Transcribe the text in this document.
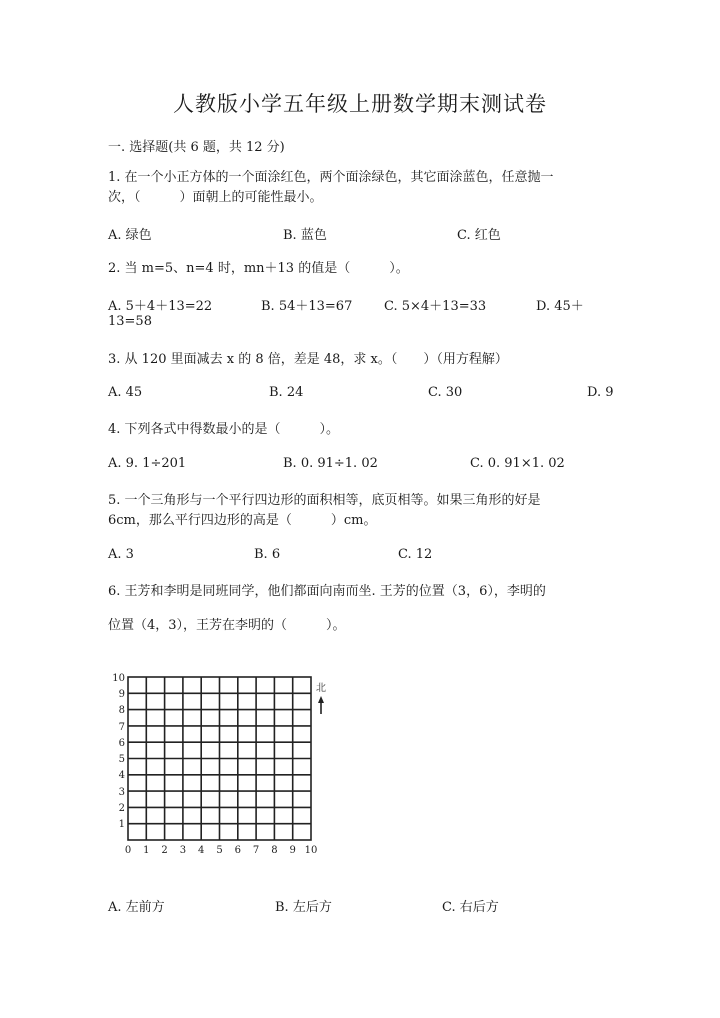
人教版小学五年级上册数学期末测试卷
一. 选择题(共 6 题，共 12 分)
1. 在一个小正方体的一个面涂红色，两个面涂绿色，其它面涂蓝色，任意抛一
次，（　　　）面朝上的可能性最小。
A. 绿色	B. 蓝色	C. 红色
2. 当 m=5、n=4 时，mn＋13 的值是（　　　）。
A. 5＋4＋13=22	B. 54＋13=67 C. 5×4＋13=33	D. 45＋
13=58
3. 从 120 里面减去 x 的 8 倍，差是 48，求 x。（　　）（用方程解）
A. 45	B. 24	C. 30	D. 9
4. 下列各式中得数最小的是（　　　）。
A. 9. 1÷201	B. 0. 91÷1. 02	C. 0. 91×1. 02
5. 一个三角形与一个平行四边形的面积相等，底页相等。如果三角形的好是
6cm，那么平行四边形的高是（　　　）cm。
A. 3	B. 6	C. 12
6. 王芳和李明是同班同学，他们都面向南而坐. 王芳的位置（3，6），李明的
位置（4，3），王芳在李明的（　　　）。
0 1 2 3 4 5 6 7 8 9 10
1
2
3
4
5
6
7
8
9
10
北
A. 左前方	B. 左后方	C. 右后方
